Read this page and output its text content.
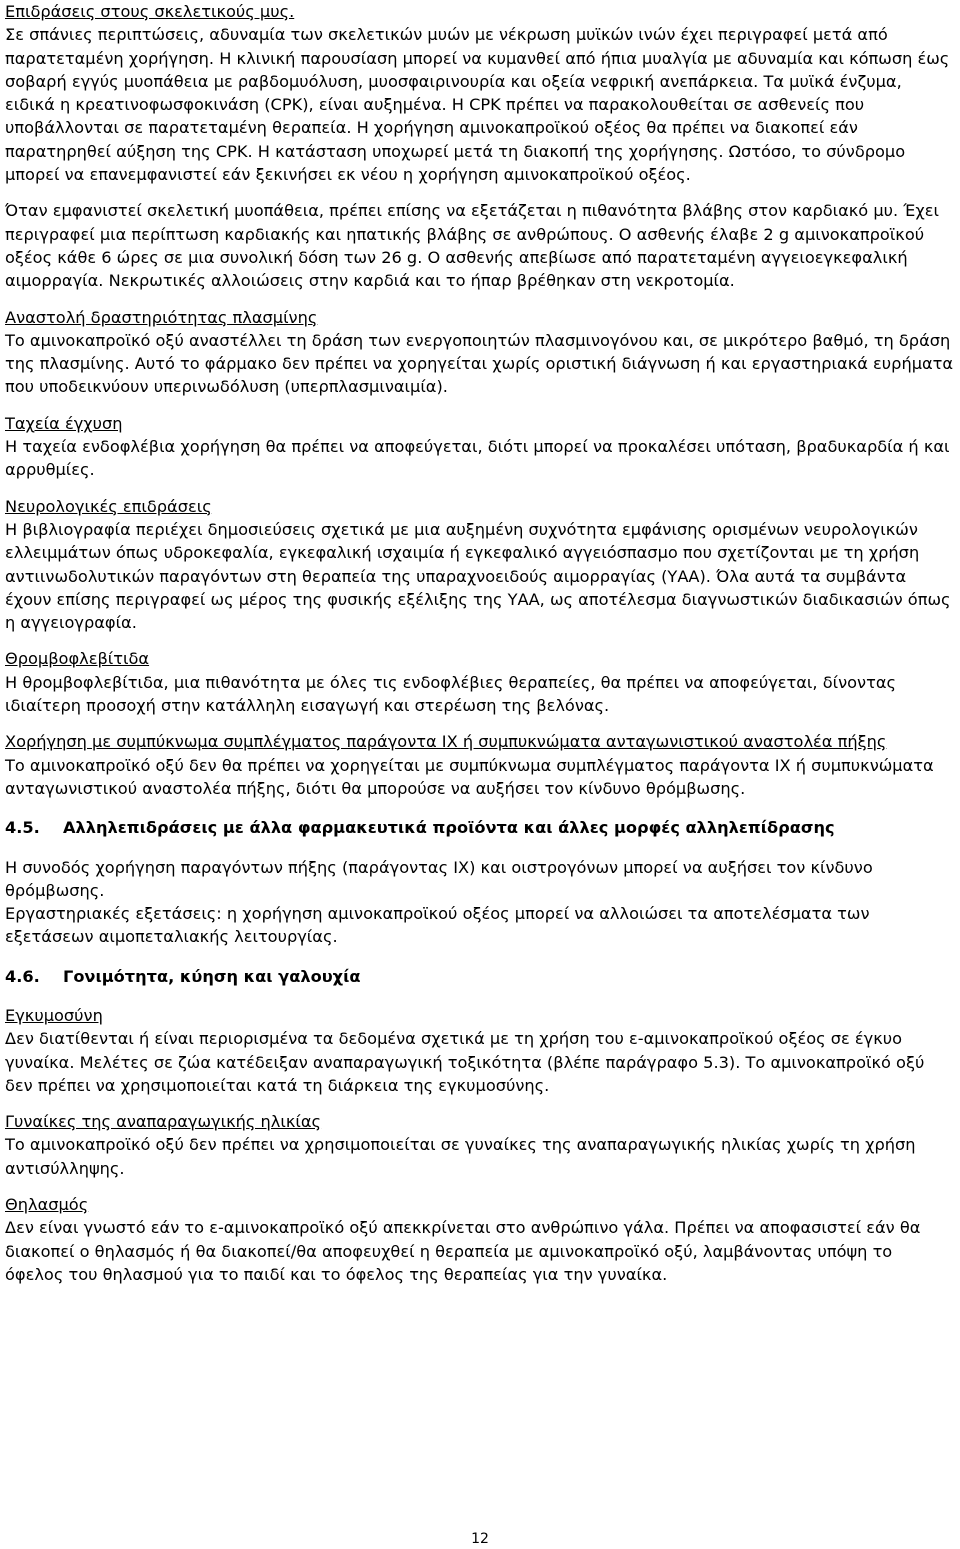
Επιδράσεις στους σκελετικούς μυς.

Σε σπάνιες περιπτώσεις, αδυναμία των σκελετικών μυών με νέκρωση μυϊκών ινών έχει περιγραφεί μετά από παρατεταμένη χορήγηση. Η κλινική παρουσίαση μπορεί να κυμανθεί από ήπια μυαλγία με αδυναμία και κόπωση έως σοβαρή εγγύς μυοπάθεια με ραβδομυόλυση, μυοσφαιρινουρία και οξεία νεφρική ανεπάρκεια. Τα μυϊκά ένζυμα, ειδικά η κρεατινοφωσφοκινάση (CPK), είναι αυξημένα. Η CPK πρέπει να παρακολουθείται σε ασθενείς που υποβάλλονται σε παρατεταμένη θεραπεία. Η χορήγηση αμινοκαπροϊκού οξέος θα πρέπει να διακοπεί εάν παρατηρηθεί αύξηση της CPK. Η κατάσταση υποχωρεί μετά τη διακοπή της χορήγησης. Ωστόσο, το σύνδρομο μπορεί να επανεμφανιστεί εάν ξεκινήσει εκ νέου η χορήγηση αμινοκαπροϊκού οξέος.

Όταν εμφανιστεί σκελετική μυοπάθεια, πρέπει επίσης να εξετάζεται η πιθανότητα βλάβης στον καρδιακό μυ. Έχει περιγραφεί μια περίπτωση καρδιακής και ηπατικής βλάβης σε ανθρώπους. Ο ασθενής έλαβε 2 g αμινοκαπροϊκού οξέος κάθε 6 ώρες σε μια συνολική δόση των 26 g. Ο ασθενής απεβίωσε από παρατεταμένη αγγειοεγκεφαλική αιμορραγία. Νεκρωτικές αλλοιώσεις στην καρδιά και το ήπαρ βρέθηκαν στη νεκροτομία.

Αναστολή δραστηριότητας πλασμίνης

Το αμινοκαπροϊκό οξύ αναστέλλει τη δράση των ενεργοποιητών πλασμινογόνου και, σε μικρότερο βαθμό, τη δράση της πλασμίνης. Αυτό το φάρμακο δεν πρέπει να χορηγείται χωρίς οριστική διάγνωση ή και εργαστηριακά ευρήματα που υποδεικνύουν υπερινωδόλυση (υπερπλασμιναιμία).

Ταχεία έγχυση

Η ταχεία ενδοφλέβια χορήγηση θα πρέπει να αποφεύγεται, διότι μπορεί να προκαλέσει υπόταση, βραδυκαρδία ή και αρρυθμίες.

Νευρολογικές επιδράσεις

Η βιβλιογραφία περιέχει δημοσιεύσεις σχετικά με μια αυξημένη συχνότητα εμφάνισης ορισμένων νευρολογικών ελλειμμάτων όπως υδροκεφαλία, εγκεφαλική ισχαιμία ή εγκεφαλικό αγγειόσπασμο που σχετίζονται με τη χρήση αντιινωδολυτικών παραγόντων στη θεραπεία της υπαραχνοειδούς αιμορραγίας (ΥΑΑ). Όλα αυτά τα συμβάντα έχουν επίσης περιγραφεί ως μέρος της φυσικής εξέλιξης της ΥΑΑ, ως αποτέλεσμα διαγνωστικών διαδικασιών όπως η αγγειογραφία.

Θρομβοφλεβίτιδα

Η θρομβοφλεβίτιδα, μια πιθανότητα με όλες τις ενδοφλέβιες θεραπείες, θα πρέπει να αποφεύγεται, δίνοντας ιδιαίτερη προσοχή στην κατάλληλη εισαγωγή και στερέωση της βελόνας.

Χορήγηση με συμπύκνωμα συμπλέγματος παράγοντα IX ή συμπυκνώματα ανταγωνιστικού αναστολέα πήξης

Το αμινοκαπροϊκό οξύ δεν θα πρέπει να χορηγείται με συμπύκνωμα συμπλέγματος παράγοντα IX ή συμπυκνώματα ανταγωνιστικού αναστολέα πήξης, διότι θα μπορούσε να αυξήσει τον κίνδυνο θρόμβωσης.

4.5. Αλληλεπιδράσεις με άλλα φαρμακευτικά προϊόντα και άλλες μορφές αλληλεπίδρασης

Η συνοδός χορήγηση παραγόντων πήξης (παράγοντας IX) και οιστρογόνων μπορεί να αυξήσει τον κίνδυνο θρόμβωσης.

Εργαστηριακές εξετάσεις: η χορήγηση αμινοκαπροϊκού οξέος μπορεί να αλλοιώσει τα αποτελέσματα των εξετάσεων αιμοπεταλιακής λειτουργίας.

4.6. Γονιμότητα, κύηση και γαλουχία

Εγκυμοσύνη

Δεν διατίθενται ή είναι περιορισμένα τα δεδομένα σχετικά με τη χρήση του ε-αμινοκαπροϊκού οξέος σε έγκυο γυναίκα. Μελέτες σε ζώα κατέδειξαν αναπαραγωγική τοξικότητα (βλέπε παράγραφο 5.3). Το αμινοκαπροϊκό οξύ δεν πρέπει να χρησιμοποιείται κατά τη διάρκεια της εγκυμοσύνης.

Γυναίκες της αναπαραγωγικής ηλικίας

Το αμινοκαπροϊκό οξύ δεν πρέπει να χρησιμοποιείται σε γυναίκες της αναπαραγωγικής ηλικίας χωρίς τη χρήση αντισύλληψης.

Θηλασμός

Δεν είναι γνωστό εάν το ε-αμινοκαπροϊκό οξύ απεκκρίνεται στο ανθρώπινο γάλα. Πρέπει να αποφασιστεί εάν θα διακοπεί ο θηλασμός ή θα διακοπεί/θα αποφευχθεί η θεραπεία με αμινοκαπροϊκό οξύ, λαμβάνοντας υπόψη το όφελος του θηλασμού για το παιδί και το όφελος της θεραπείας για την γυναίκα.

12
